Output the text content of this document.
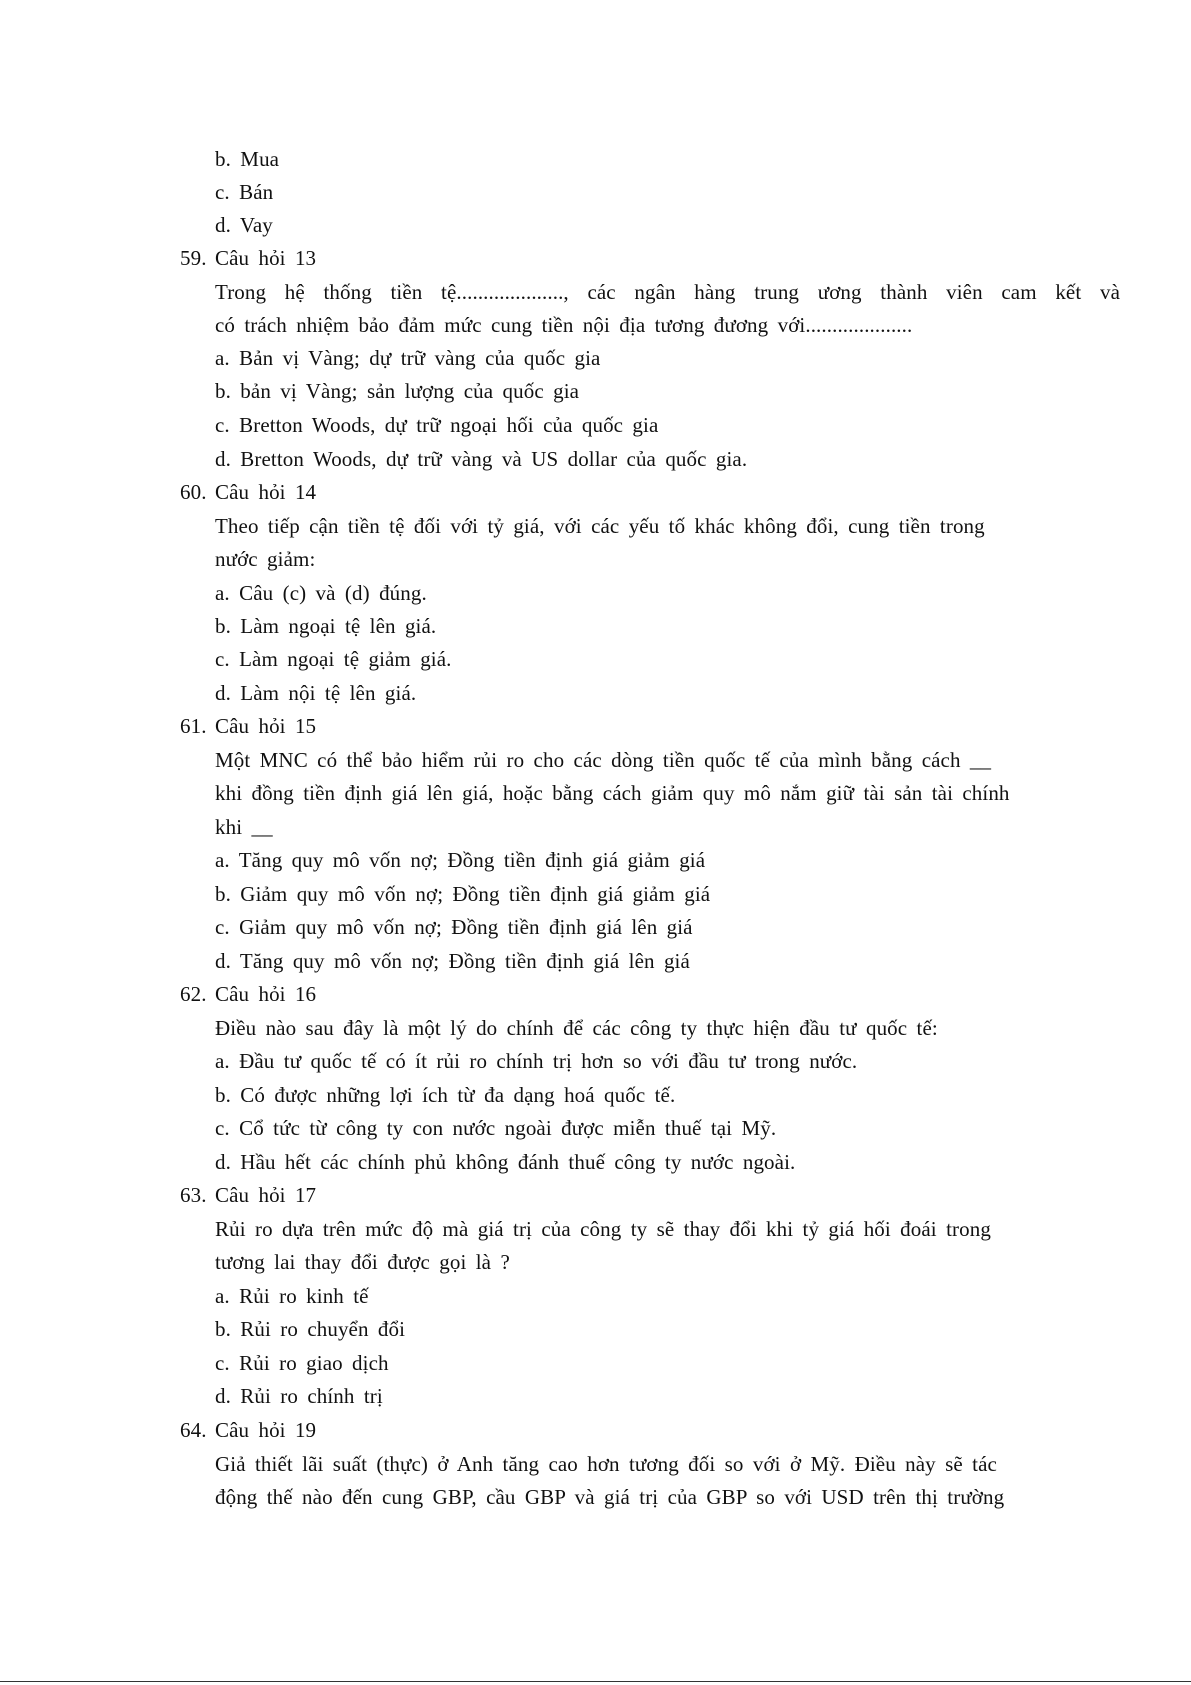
b. Mua
c. Bán
d. Vay
59. Câu hỏi 13
Trong hệ thống tiền tệ...................., các ngân hàng trung ương thành viên cam kết và
có trách nhiệm bảo đảm mức cung tiền nội địa tương đương với....................
a. Bản vị Vàng; dự trữ vàng của quốc gia
b. bản vị Vàng; sản lượng của quốc gia
c. Bretton Woods, dự trữ ngoại hối của quốc gia
d. Bretton Woods, dự trữ vàng và US dollar của quốc gia.
60. Câu hỏi 14
Theo tiếp cận tiền tệ đối với tỷ giá, với các yếu tố khác không đổi, cung tiền trong
nước giảm:
a. Câu (c) và (d) đúng.
b. Làm ngoại tệ lên giá.
c. Làm ngoại tệ giảm giá.
d. Làm nội tệ lên giá.
61. Câu hỏi 15
Một MNC có thể bảo hiểm rủi ro cho các dòng tiền quốc tế của mình bằng cách __
khi đồng tiền định giá lên giá, hoặc bằng cách giảm quy mô nắm giữ tài sản tài chính
khi __
a. Tăng quy mô vốn nợ; Đồng tiền định giá giảm giá
b. Giảm quy mô vốn nợ; Đồng tiền định giá giảm giá
c. Giảm quy mô vốn nợ; Đồng tiền định giá lên giá
d. Tăng quy mô vốn nợ; Đồng tiền định giá lên giá
62. Câu hỏi 16
Điều nào sau đây là một lý do chính để các công ty thực hiện đầu tư quốc tế:
a. Đầu tư quốc tế có ít rủi ro chính trị hơn so với đầu tư trong nước.
b. Có được những lợi ích từ đa dạng hoá quốc tế.
c. Cổ tức từ công ty con nước ngoài được miễn thuế tại Mỹ.
d. Hầu hết các chính phủ không đánh thuế công ty nước ngoài.
63. Câu hỏi 17
Rủi ro dựa trên mức độ mà giá trị của công ty sẽ thay đổi khi tỷ giá hối đoái trong
tương lai thay đổi được gọi là ?
a. Rủi ro kinh tế
b. Rủi ro chuyển đổi
c. Rủi ro giao dịch
d. Rủi ro chính trị
64. Câu hỏi 19
Giả thiết lãi suất (thực) ở Anh tăng cao hơn tương đối so với ở Mỹ. Điều này sẽ tác
động thế nào đến cung GBP, cầu GBP và giá trị của GBP so với USD trên thị trường
